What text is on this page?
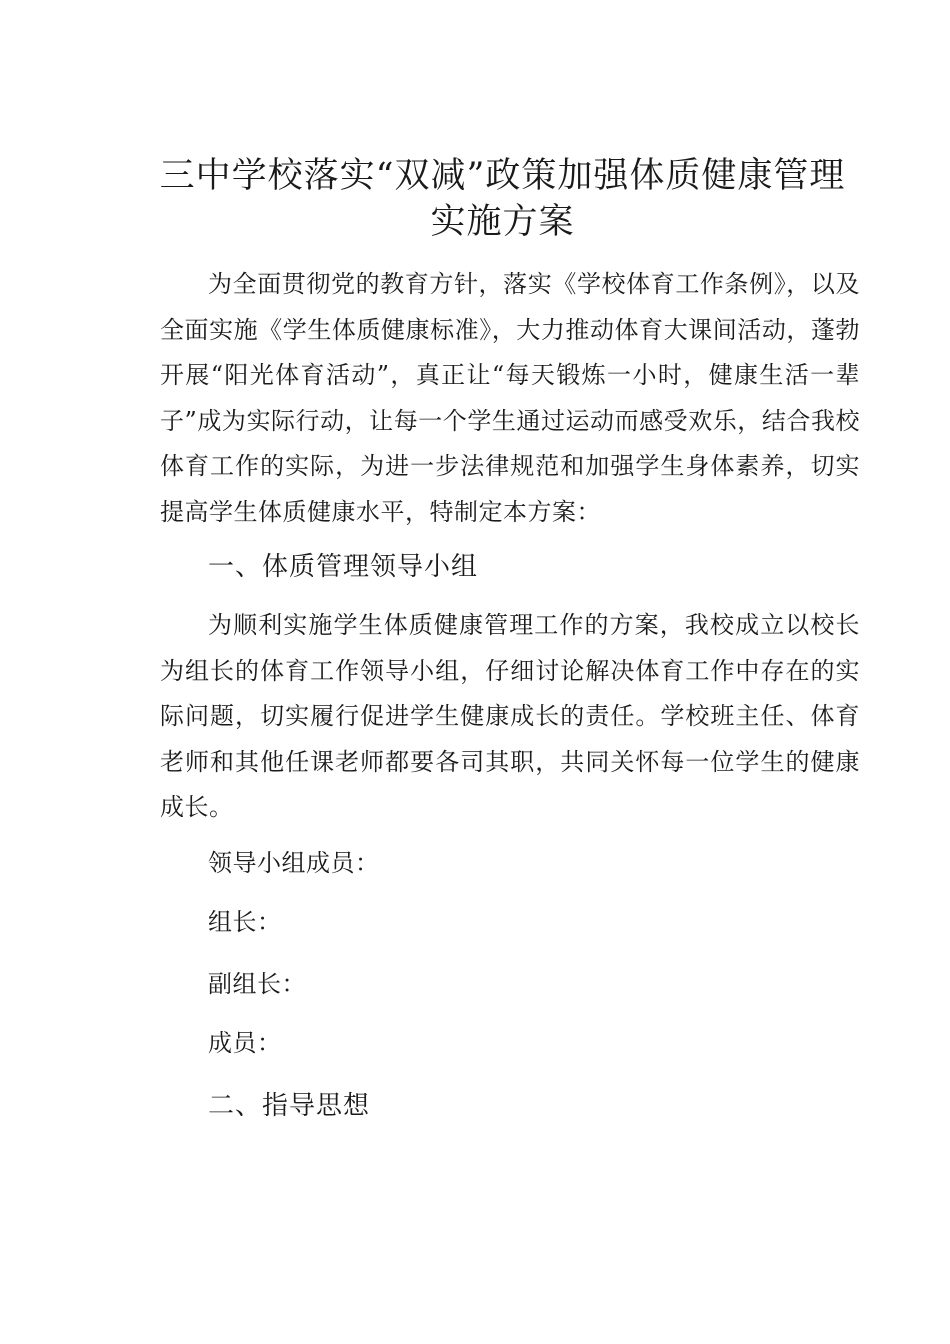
三中学校落实“双减”政策加强体质健康管理
实施方案

为全面贯彻党的教育方针，落实《学校体育工作条例》，以及全面实施《学生体质健康标准》，大力推动体育大课间活动，蓬勃开展“阳光体育活动”，真正让“每天锻炼一小时，健康生活一辈子”成为实际行动，让每一个学生通过运动而感受欢乐，结合我校体育工作的实际，为进一步法律规范和加强学生身体素养，切实提高学生体质健康水平，特制定本方案：

一、体质管理领导小组

为顺利实施学生体质健康管理工作的方案，我校成立以校长为组长的体育工作领导小组，仔细讨论解决体育工作中存在的实际问题，切实履行促进学生健康成长的责任。学校班主任、体育老师和其他任课老师都要各司其职，共同关怀每一位学生的健康成长。

领导小组成员：

组长：

副组长：

成员：

二、指导思想
